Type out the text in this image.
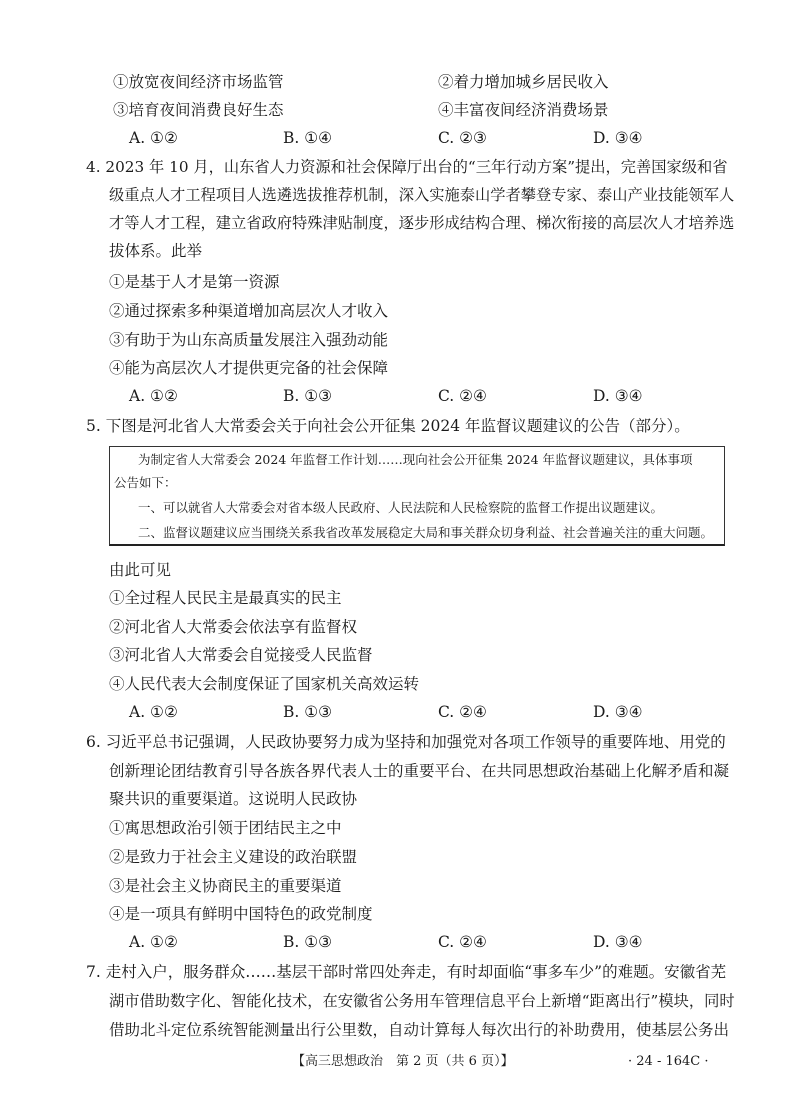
①放宽夜间经济市场监管	②着力增加城乡居民收入
③培育夜间消费良好生态	④丰富夜间经济消费场景
A. ①②	B. ①④	C. ②③	D. ③④
4. 2023 年 10 月，山东省人力资源和社会保障厅出台的“三年行动方案”提出，完善国家级和省
级重点人才工程项目人选遴选拔推荐机制，深入实施泰山学者攀登专家、泰山产业技能领军人
才等人才工程，建立省政府特殊津贴制度，逐步形成结构合理、梯次衔接的高层次人才培养选
拔体系。此举
①是基于人才是第一资源
②通过探索多种渠道增加高层次人才收入
③有助于为山东高质量发展注入强劲动能
④能为高层次人才提供更完备的社会保障
A. ①②	B. ①③	C. ②④	D. ③④
5. 下图是河北省人大常委会关于向社会公开征集 2024 年监督议题建议的公告（部分）。
为制定省人大常委会 2024 年监督工作计划……现向社会公开征集 2024 年监督议题建议，具体事项
公告如下：
一、可以就省人大常委会对省本级人民政府、人民法院和人民检察院的监督工作提出议题建议。
二、监督议题建议应当围绕关系我省改革发展稳定大局和事关群众切身利益、社会普遍关注的重大问题。
由此可见
①全过程人民民主是最真实的民主
②河北省人大常委会依法享有监督权
③河北省人大常委会自觉接受人民监督
④人民代表大会制度保证了国家机关高效运转
A. ①②	B. ①③	C. ②④	D. ③④
6. 习近平总书记强调，人民政协要努力成为坚持和加强党对各项工作领导的重要阵地、用党的
创新理论团结教育引导各族各界代表人士的重要平台、在共同思想政治基础上化解矛盾和凝
聚共识的重要渠道。这说明人民政协
①寓思想政治引领于团结民主之中
②是致力于社会主义建设的政治联盟
③是社会主义协商民主的重要渠道
④是一项具有鲜明中国特色的政党制度
A. ①②	B. ①③	C. ②④	D. ③④
7. 走村入户，服务群众……基层干部时常四处奔走，有时却面临“事多车少”的难题。安徽省芜
湖市借助数字化、智能化技术，在安徽省公务用车管理信息平台上新增“距离出行”模块，同时
借助北斗定位系统智能测量出行公里数，自动计算每人每次出行的补助费用，使基层公务出
【高三思想政治　第 2 页（共 6 页）】	· 24 - 164C ·
